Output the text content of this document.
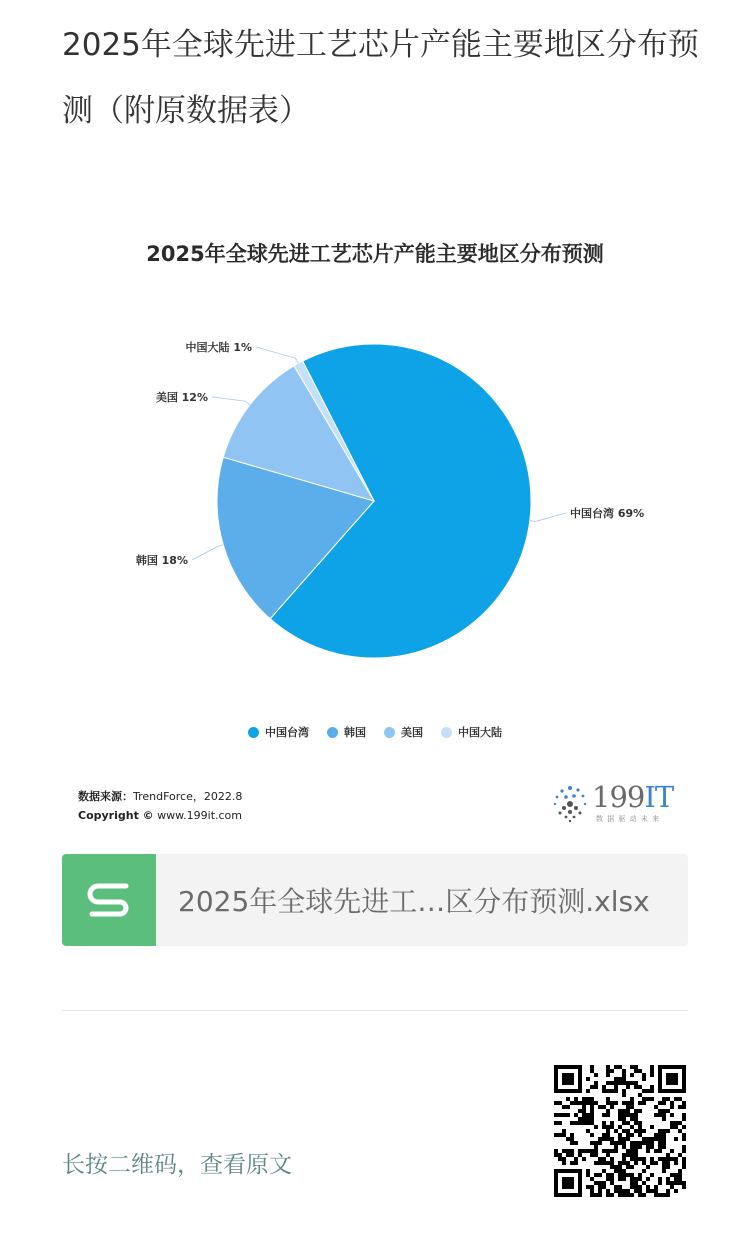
2025年全球先进工艺芯片产能主要地区分布预测（附原数据表）
2025年全球先进工艺芯片产能主要地区分布预测
中国台湾 69%
韩国 18%
美国 12%
中国大陆 1%
中国台湾	韩国	美国	中国大陆
数据来源：TrendForce，2022.8
Copyright © www.199it.com
199IT
数 据 驱 动 未 来
2025年全球先进工…区分布预测.xlsx
长按二维码，查看原文
